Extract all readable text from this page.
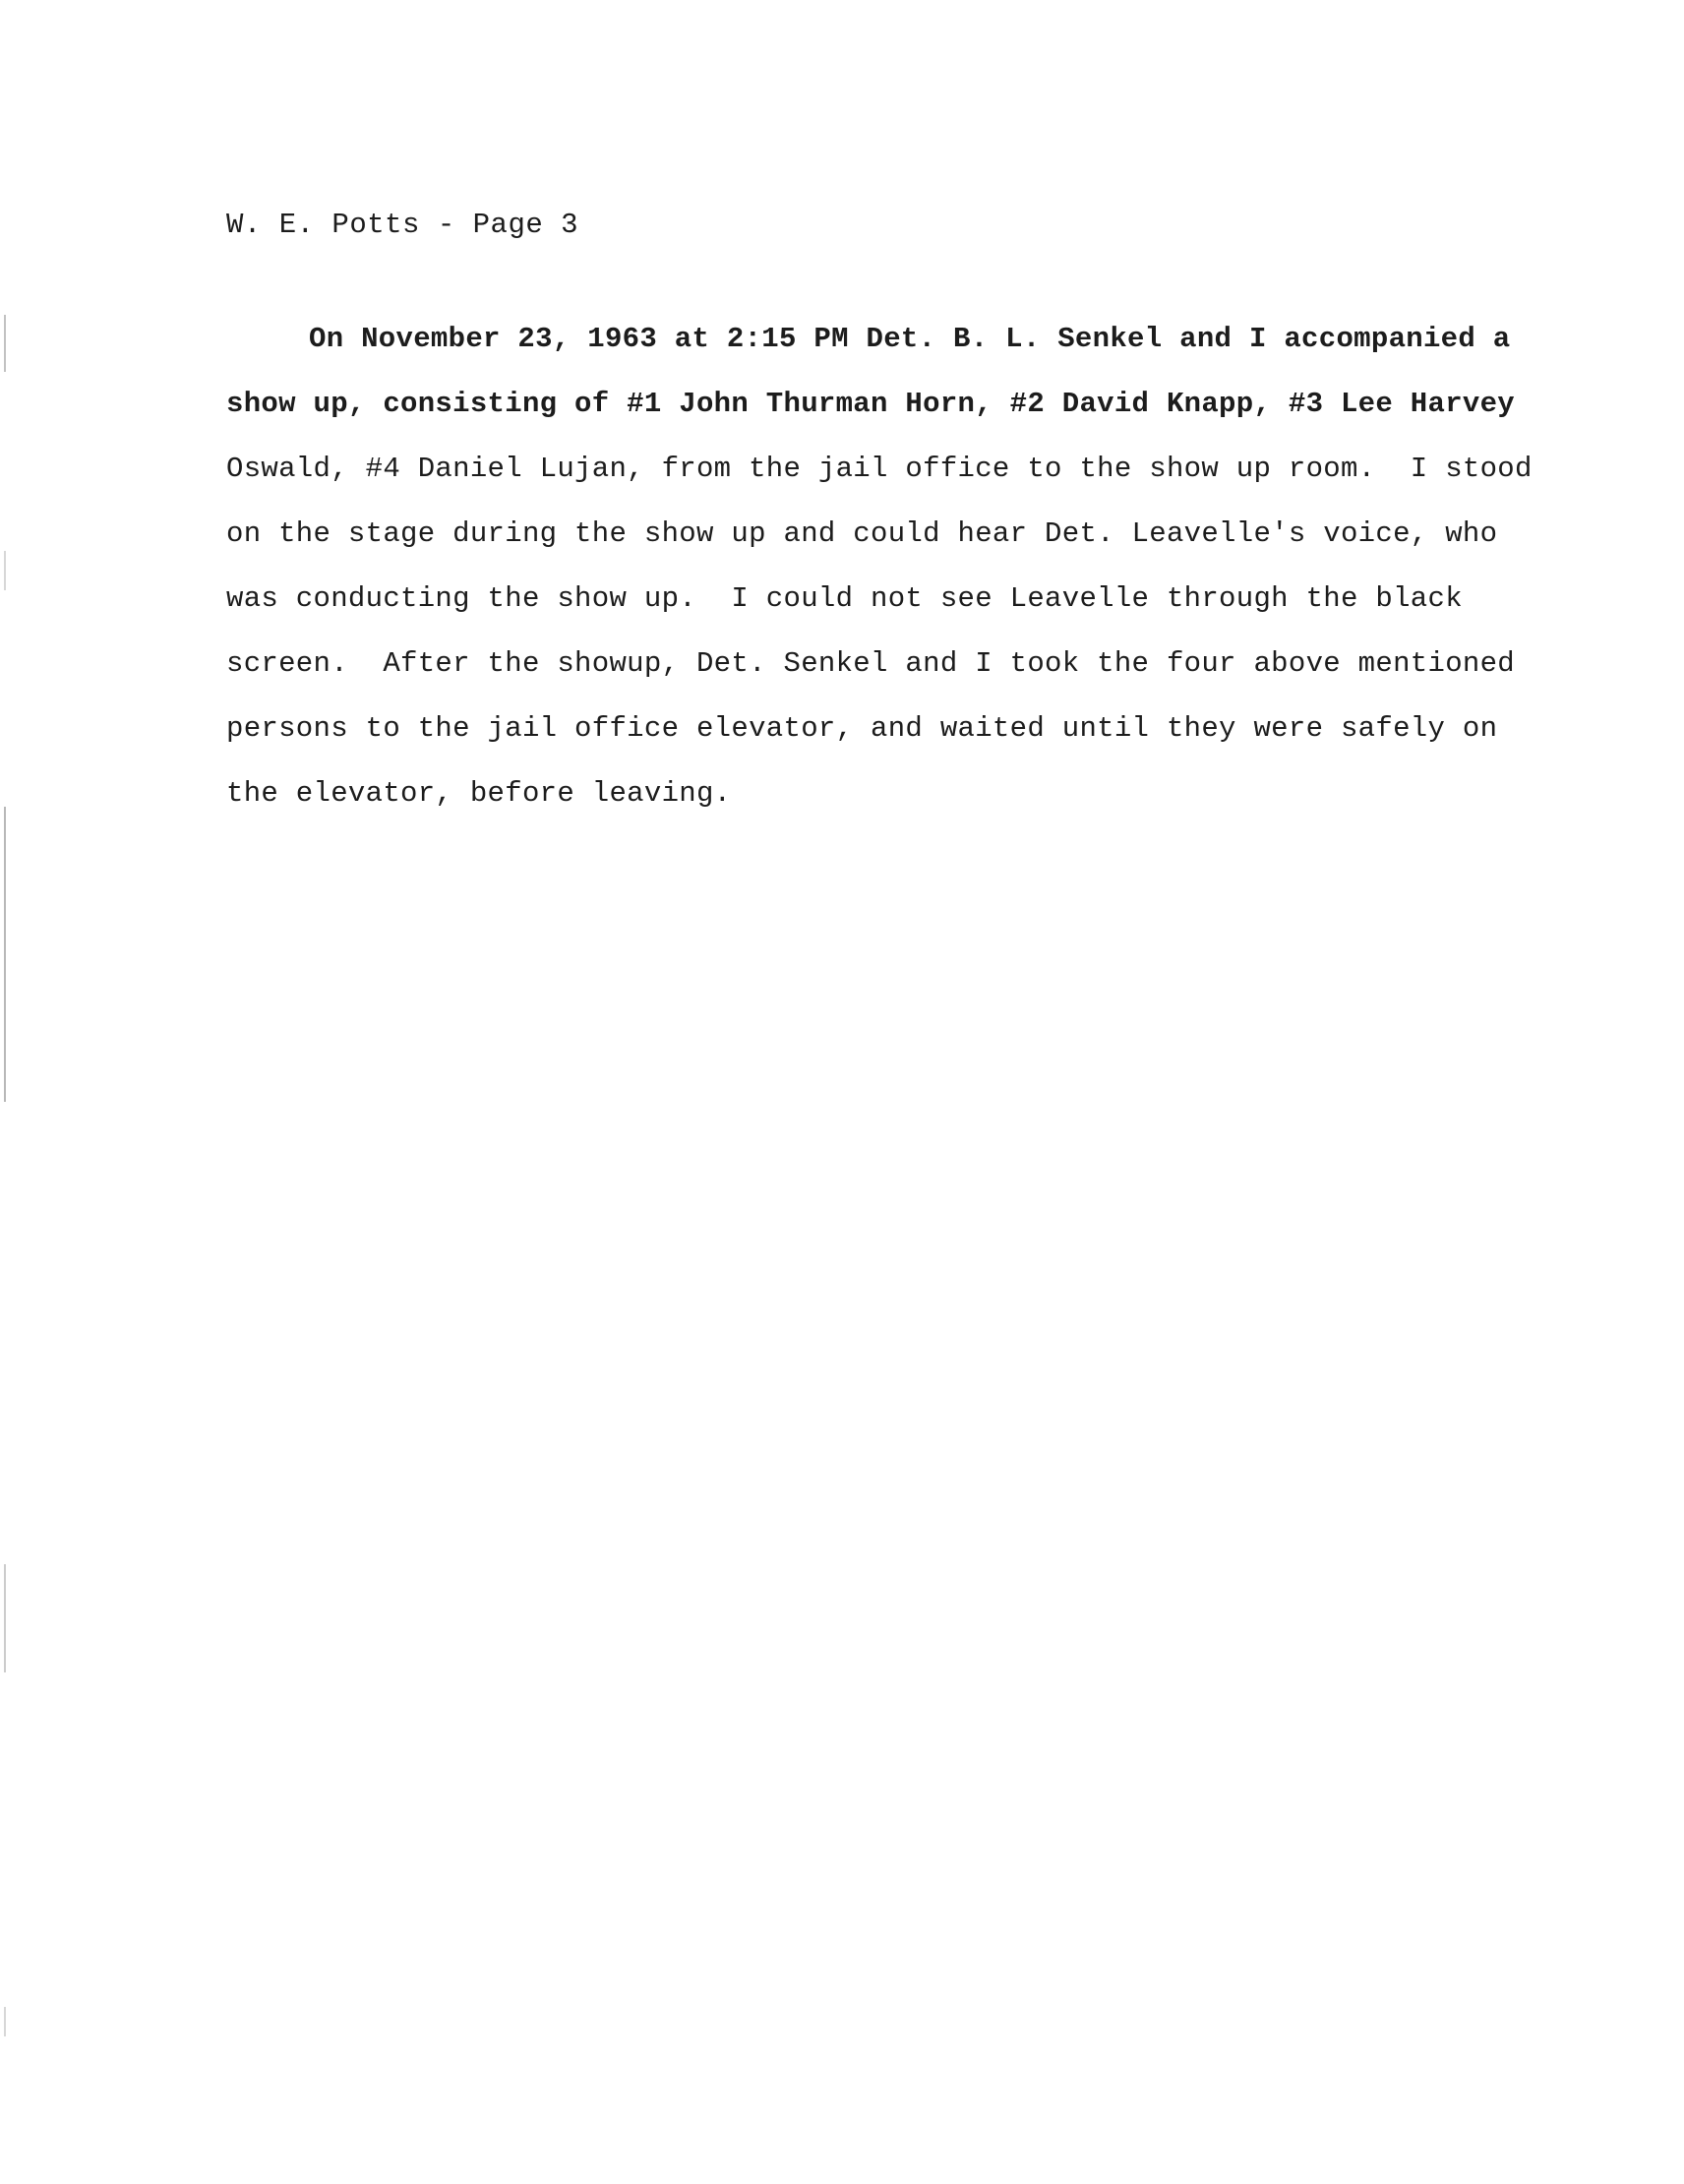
W. E. Potts - Page 3
On November 23, 1963 at 2:15 PM Det. B. L. Senkel and I accompanied a
show up, consisting of #1 John Thurman Horn, #2 David Knapp, #3 Lee Harvey
Oswald, #4 Daniel Lujan, from the jail office to the show up room.  I stood
on the stage during the show up and could hear Det. Leavelle's voice, who
was conducting the show up.  I could not see Leavelle through the black
screen.  After the showup, Det. Senkel and I took the four above mentioned
persons to the jail office elevator, and waited until they were safely on
the elevator, before leaving.
